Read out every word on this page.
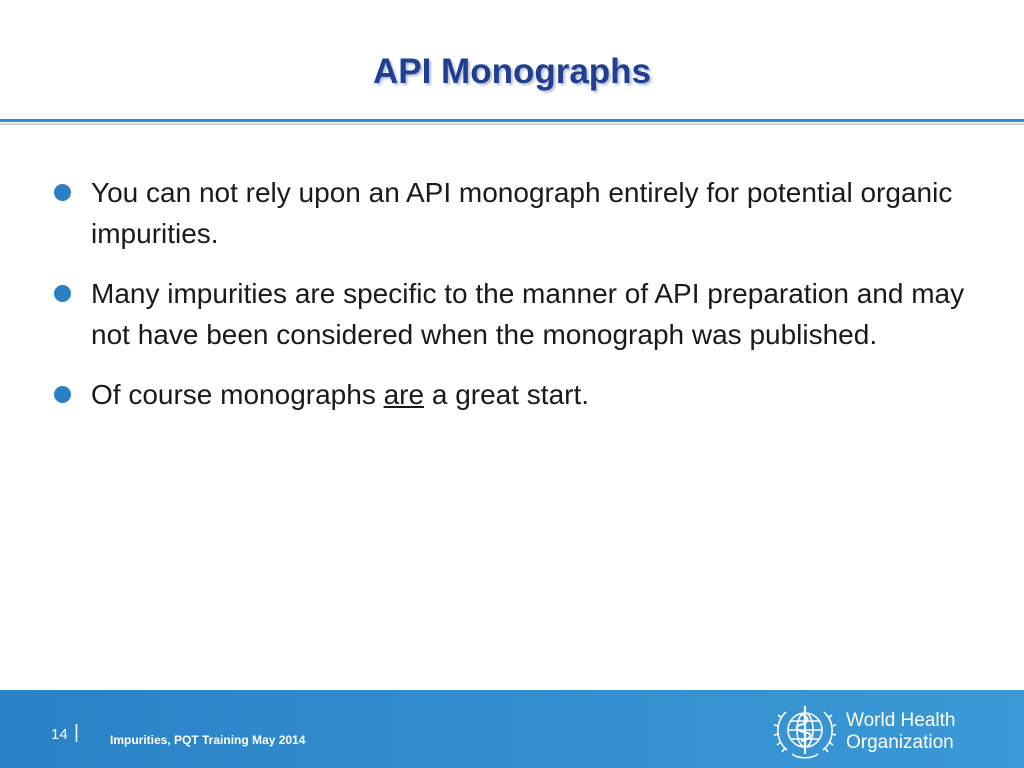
API Monographs
You can not rely upon an API monograph entirely for potential organic impurities.
Many impurities are specific to the manner of API preparation and may not have been considered when the monograph was published.
Of course monographs are a great start.
14 |	Impurities, PQT Training May 2014
World Health
Organization
